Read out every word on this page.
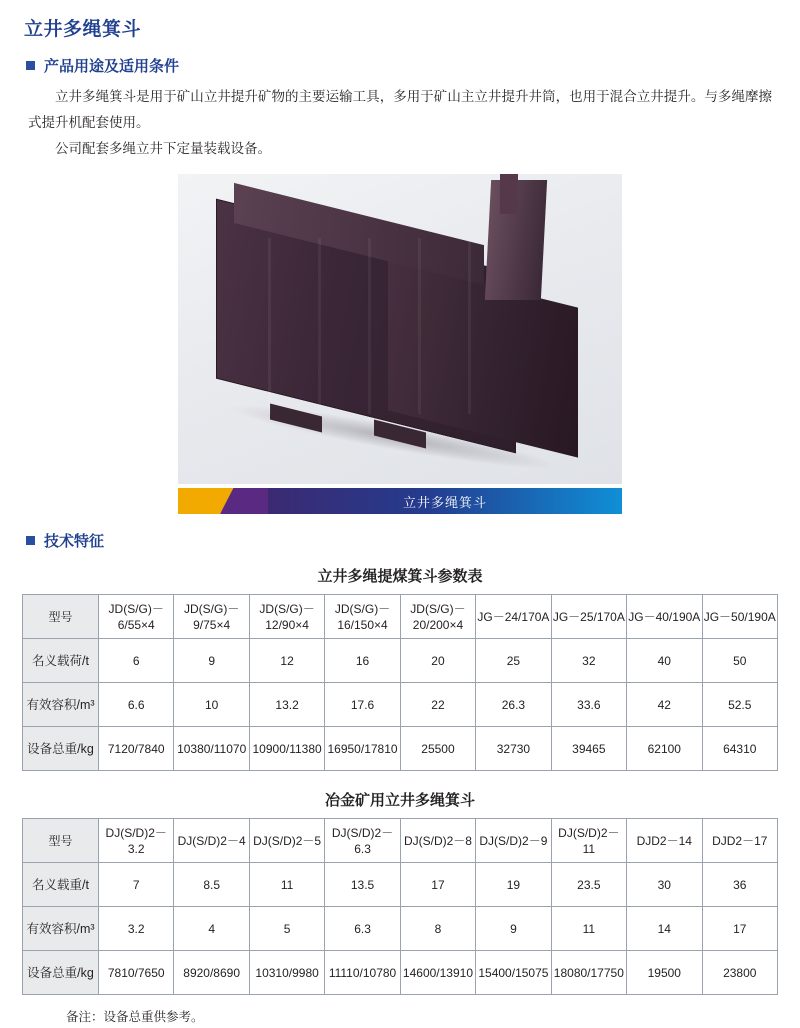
立井多绳箕斗
产品用途及适用条件

立井多绳箕斗是用于矿山立井提升矿物的主要运输工具，多用于矿山主立井提升井筒，也用于混合立井提升。与多绳摩擦式提升机配套使用。

公司配套多绳立井下定量装载设备。

立井多绳箕斗
技术特征
立井多绳提煤箕斗参数表
型号	JD(S/G)－6/55×4	JD(S/G)－9/75×4	JD(S/G)－12/90×4	JD(S/G)－16/150×4	JD(S/G)－20/200×4	JG－24/170A	JG－25/170A	JG－40/190A	JG－50/190A
名义载荷/t	6	9	12	16	20	25	32	40	50
有效容积/m³	6.6	10	13.2	17.6	22	26.3	33.6	42	52.5
设备总重/kg	7120/7840	10380/11070	10900/11380	16950/17810	25500	32730	39465	62100	64310
冶金矿用立井多绳箕斗
型号	DJ(S/D)2－3.2	DJ(S/D)2－4	DJ(S/D)2－5	DJ(S/D)2－6.3	DJ(S/D)2－8	DJ(S/D)2－9	DJ(S/D)2－11	DJD2－14	DJD2－17
名义载重/t	7	8.5	11	13.5	17	19	23.5	30	36
有效容积/m³	3.2	4	5	6.3	8	9	11	14	17
设备总重/kg	7810/7650	8920/8690	10310/9980	11110/10780	14600/13910	15400/15075	18080/17750	19500	23800
备注：设备总重供参考。
